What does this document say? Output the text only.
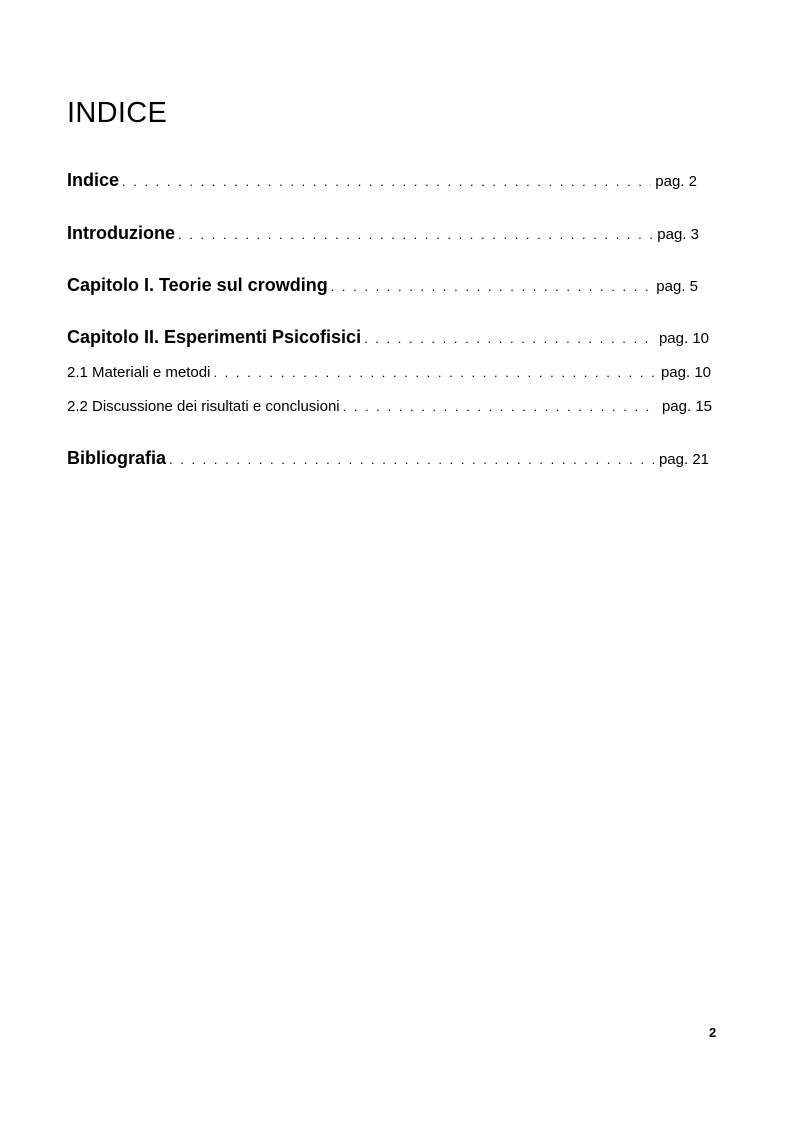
INDICE
Indice . . .	pag. 2
Introduzione . . .	pag. 3
Capitolo I. Teorie sul crowding . . .	pag. 5
Capitolo II. Esperimenti Psicofisici . . .	pag. 10
2.1 Materiali e metodi . . .	pag. 10
2.2 Discussione dei risultati e conclusioni . . .	pag. 15
Bibliografia . . .	pag. 21
2
